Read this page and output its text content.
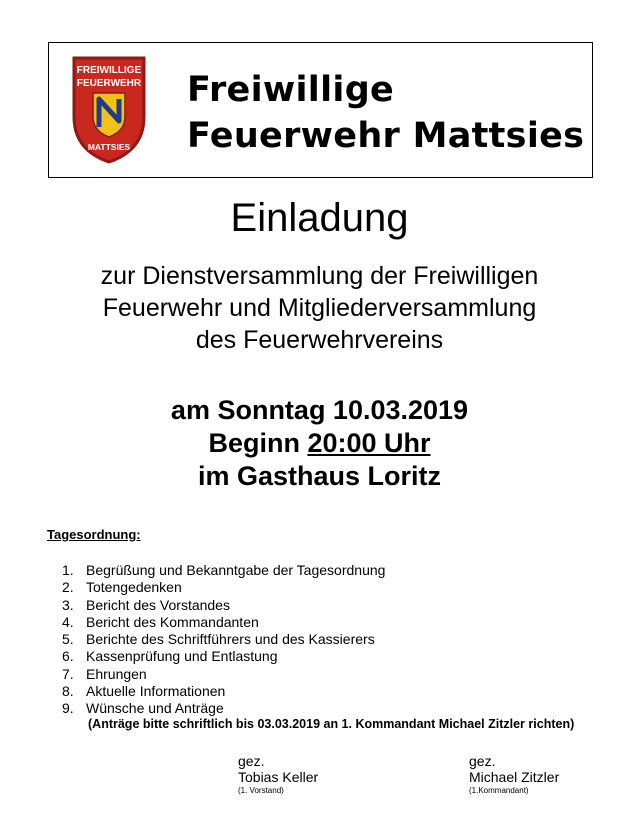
FREIWILLIGE
FEUERWEHR
MATTSIES
Freiwillige
Feuerwehr Mattsies
Einladung
zur Dienstversammlung der Freiwilligen
Feuerwehr und Mitgliederversammlung
des Feuerwehrvereins
am Sonntag 10.03.2019
Beginn 20:00 Uhr
im Gasthaus Loritz
Tagesordnung:
1. Begrüßung und Bekanntgabe der Tagesordnung
2. Totengedenken
3. Bericht des Vorstandes
4. Bericht des Kommandanten
5. Berichte des Schriftführers und des Kassierers
6. Kassenprüfung und Entlastung
7. Ehrungen
8. Aktuelle Informationen
9. Wünsche und Anträge
(Anträge bitte schriftlich bis 03.03.2019 an 1. Kommandant Michael Zitzler richten)
gez.
Tobias Keller
(1. Vorstand)
gez.
Michael Zitzler
(1.Kommandant)
